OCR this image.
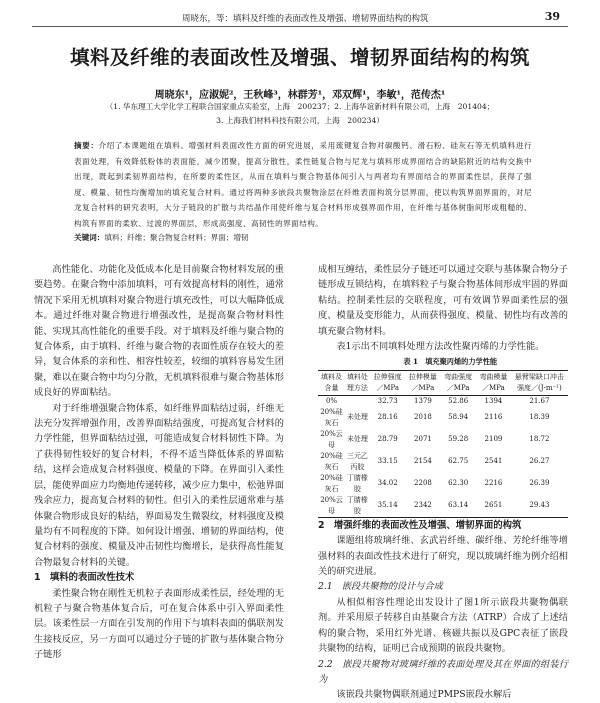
周晓东，等：填料及纤维的表面改性及增强、增韧界面结构的构筑	39
填料及纤维的表面改性及增强、增韧界面结构的构筑
周晓东¹，应淑妮²，王秋峰³，林群芳¹，邓双辉¹，李敏¹，范传杰¹
（1. 华东理工大学化学工程联合国家重点实验室，上海　200237；2. 上海华谊新材料有限公司，上海　201404；
3. 上海我们材料科技有限公司，上海　200234）
摘要：介绍了本课题组在填料、增强材料表面改性方面的研究进展，采用巯键复合物对碳酸钙、滑石粉、硅灰石等无机填料进行表面处理，有效降低粉体的表面能，减少团聚，提高分散性，柔性链复合物与尼龙与填料形成界面结合的缺陷附近的结构交换中出现，既起到柔韧界面结构，在所要的柔性区，从而在填料与聚合物基体间引入与两者均有界面结合的界面柔性层，获得了强度、模量、韧性均衡增加的填充复合材料。通过将两种多嵌段共聚物涂层在纤维表面构筑分层界面，使以构筑界面界面的，对尼龙复合材料的研究表明，大分子链段的扩散与共结晶作用使纤维与复合材料形成强界面作用，在纤维与基体树脂间形成粗糙的、构筑有界面的柔软、过渡的界面层，形成高强度、高韧性的界面结构。
关键词：填料；纤维；聚合物复合材料；界面；增韧

高性能化、功能化及低成本化是目前聚合物材料发展的重要趋势。在聚合物中添加填料，可有效提高材料的刚性，通常情况下采用无机填料对聚合物进行填充改性，可以大幅降低成本。通过纤维对聚合物进行增强改性，是提高聚合物材料性能、实现其高性能化的重要手段。对于填料及纤维与聚合物的复合体系，由于填料、纤维与聚合物的表面性质存在较大的差异，复合体系的亲和性、相容性较差，较细的填料容易发生团聚，难以在聚合物中均匀分散，无机填料很难与聚合物基体形成良好的界面粘结。

对于纤维增强聚合物体系，如纤维界面粘结过弱，纤维无法充分发挥增强作用，改善界面粘结强度，可提高复合材料的力学性能，但界面粘结过强，可能造成复合材料韧性下降。为了获得韧性较好的复合材料，不得不适当降低体系的界面粘结，这样会造成复合材料强度、模量的下降。在界面引入柔性层，能使界面应力均衡地传递转移，减少应力集中，松弛界面残余应力，提高复合材料的韧性。但引入的柔性层通常难与基体聚合物形成良好的粘结，界面易发生微裂纹，材料强度及模量均有不同程度的下降。如何设计增强、增韧的界面结构，使复合材料的强度、模量及冲击韧性均衡增长，是获得高性能复合物最复合材料的关键。

1　填料的表面改性技术

柔性聚合物在刚性无机粒子表面形成柔性层，经处理的无机粒子与聚合物基体复合后，可在复合体系中引入界面柔性层。该柔性层一方面在引发剂的作用下与填料表面的偶联剂发生接枝反应，另一方面可以通过分子链的扩散与基体聚合物分子链形

成相互缠结，柔性层分子链还可以通过交联与基体聚合物分子链形成互锁结构，在填料粒子与聚合物基体间形成牢固的界面粘结。控制柔性层的交联程度，可有效调节界面柔性层的强度、模量及变形能力，从而获得强度、模量、韧性均有改善的填充聚合物材料。

表1示出不同填料处理方法改性聚丙烯的力学性能。

表 1　填充聚丙烯的力学性能

填料及含量	填料处理方法	拉伸强度／MPa	拉伸模量／MPa	弯曲强度／MPa	弯曲模量／MPa	悬臂梁缺口冲击强度／(J·m⁻¹)
0%		32.73	1379	52.86	1394	21.67
20%硅灰石	未处理	28.16	2018	58.94	2116	18.39
20%云母	未处理	28.79	2071	59.28	2109	18.72
20%硅灰石	三元乙丙胶	33.15	2154	62.75	2541	26.27
20%硅灰石	丁腈橡胶	34.02	2208	62.30	2216	26.39
20%云母	丁腈橡胶	35.14	2342	63.14	2651	29.43

2　增强纤维的表面改性及增强、增韧界面的构筑

课题组将玻璃纤维、玄武岩纤维、碳纤维、芳纶纤维等增强材料的表面改性技术进行了研究，现以玻璃纤维为例介绍相关的研究进展。

2.1　嵌段共聚物的设计与合成

从相似相容性理论出发设计了图1所示嵌段共聚物偶联剂。并采用原子转移自由基聚合方法（ATRP）合成了上述结构的聚合物，采用红外光谱、核磁共振以及GPC表征了嵌段共聚物的结构，证明已合成预期的嵌段共聚物。

2.2　嵌段共聚物对玻璃纤维的表面处理及其在界面的组装行为

该嵌段共聚物偶联剂通过PMPS嵌段水解后
